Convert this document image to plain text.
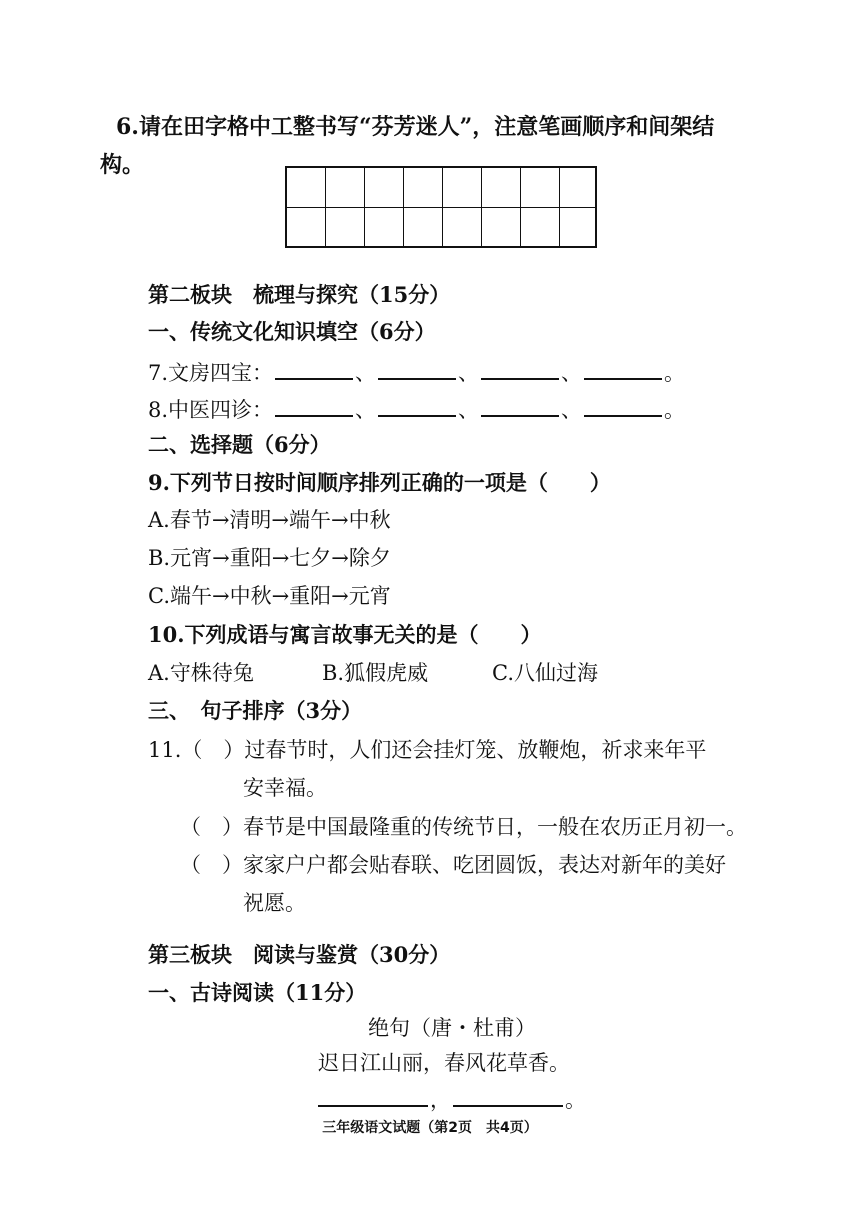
6.请在田字格中工整书写“芬芳迷人”，注意笔画顺序和间架结
构。
第二板块　梳理与探究（15分）
一、传统文化知识填空（6分）
7.文房四宝：	、	、	、	。
8.中医四诊：	、	、	、	。
二、选择题（6分）
9.下列节日按时间顺序排列正确的一项是（　　）
A.春节→清明→端午→中秋
B.元宵→重阳→七夕→除夕
C.端午→中秋→重阳→元宵
10.下列成语与寓言故事无关的是（　　）
A.守株待兔	B.狐假虎威	C.八仙过海
三、　句子排序（3分）
11.（　）过春节时，人们还会挂灯笼、放鞭炮，祈求来年平
安幸福。
（　）春节是中国最隆重的传统节日，一般在农历正月初一。
（　）家家户户都会贴春联、吃团圆饭，表达对新年的美好
祝愿。
第三板块　阅读与鉴赏（30分）
一、古诗阅读（11分）
绝句（唐・杜甫）
迟日江山丽，春风花草香。
，	。
三年级语文试题（第2页　共4页）
